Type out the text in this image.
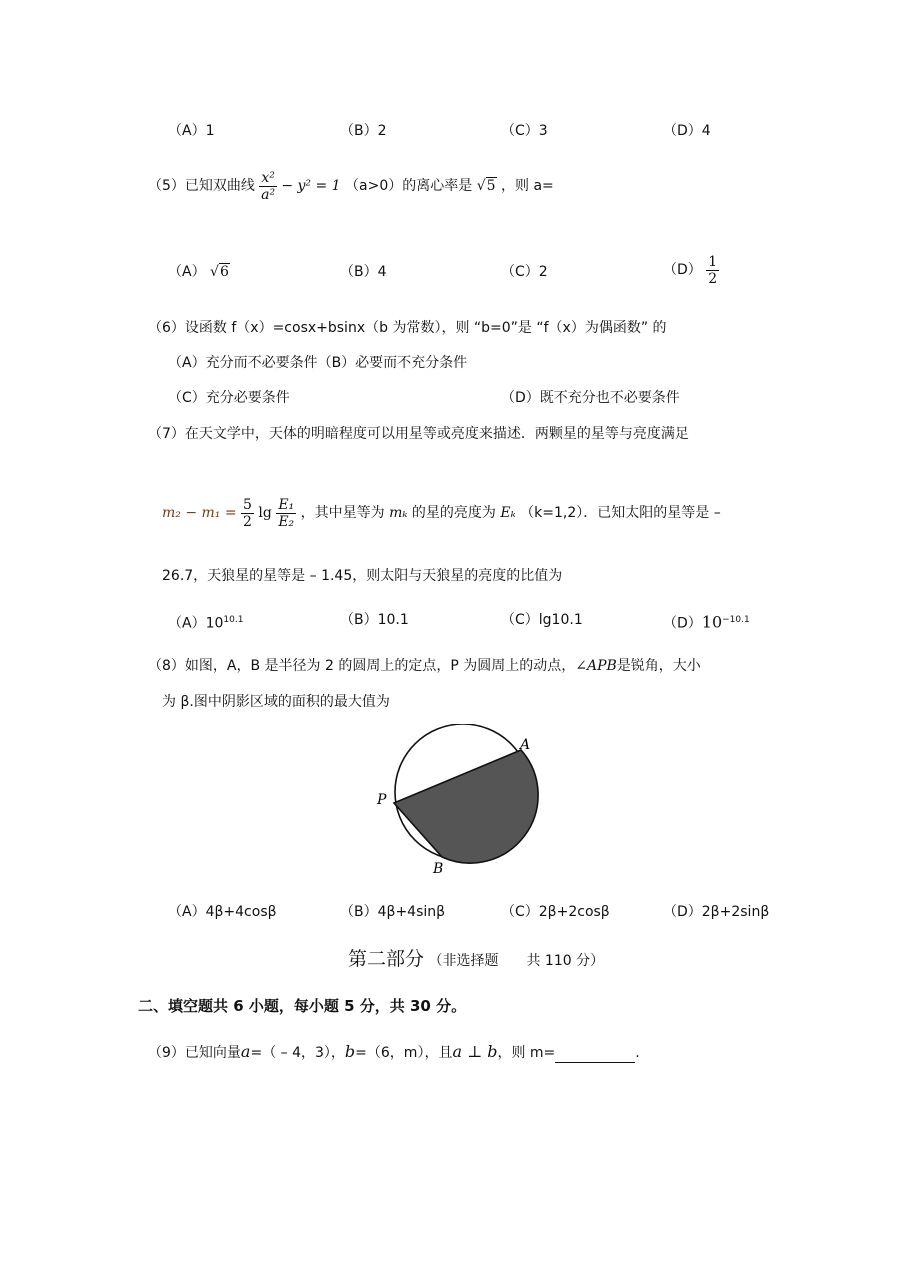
（A）1	（B）2	（C）3	（D）4
（5）已知双曲线 $\frac{\text{x²}}{\text{a²}} - y^2 = 1$ （a>0）的离心率是 √5 ，则 a=
（A） √6	（B）4	（C）2	$(D) \frac{1}{2}$
（6）设函数 f（x）=cosx+bsinx（b 为常数），则 “b=0”是 “f（x）为偶函数” 的
（A）充分而不必要条件（B）必要而不充分条件
（C）充分必要条件	（D）既不充分也不必要条件
（7）在天文学中，天体的明暗程度可以用星等或亮度来描述．两颗星的星等与亮度满足
$m_2 - m_1 = \frac{5}{2}$ $\lg \frac{\text{E₁}}{\text{E₂}}$ ，其中星等为 mₖ 的星的亮度为 Eₖ （k=1,2）．已知太阳的星等是 –
26.7，天狼星的星等是 – 1.45，则太阳与天狼星的亮度的比值为
$(A)10^{10.1}$	（B）10.1	（C）lg10.1	$(D)10^{-10.1}$
（8）如图，A，B 是半径为 2 的圆周上的定点，P 为圆周上的动点，∠APB是锐角，大小
为 β.图中阴影区域的面积的最大值为
A
P
B
（A）4β+4cosβ	（B）4β+4sinβ	（C）2β+2cosβ	（D）2β+2sinβ
第二部分 （非选择题　　共 110 分）
二、填空题共 6 小题，每小题 5 分，共 30 分。
（9）已知向量a=（ – 4，3），b=（6，m），且a ⊥ b，则 m=	.
